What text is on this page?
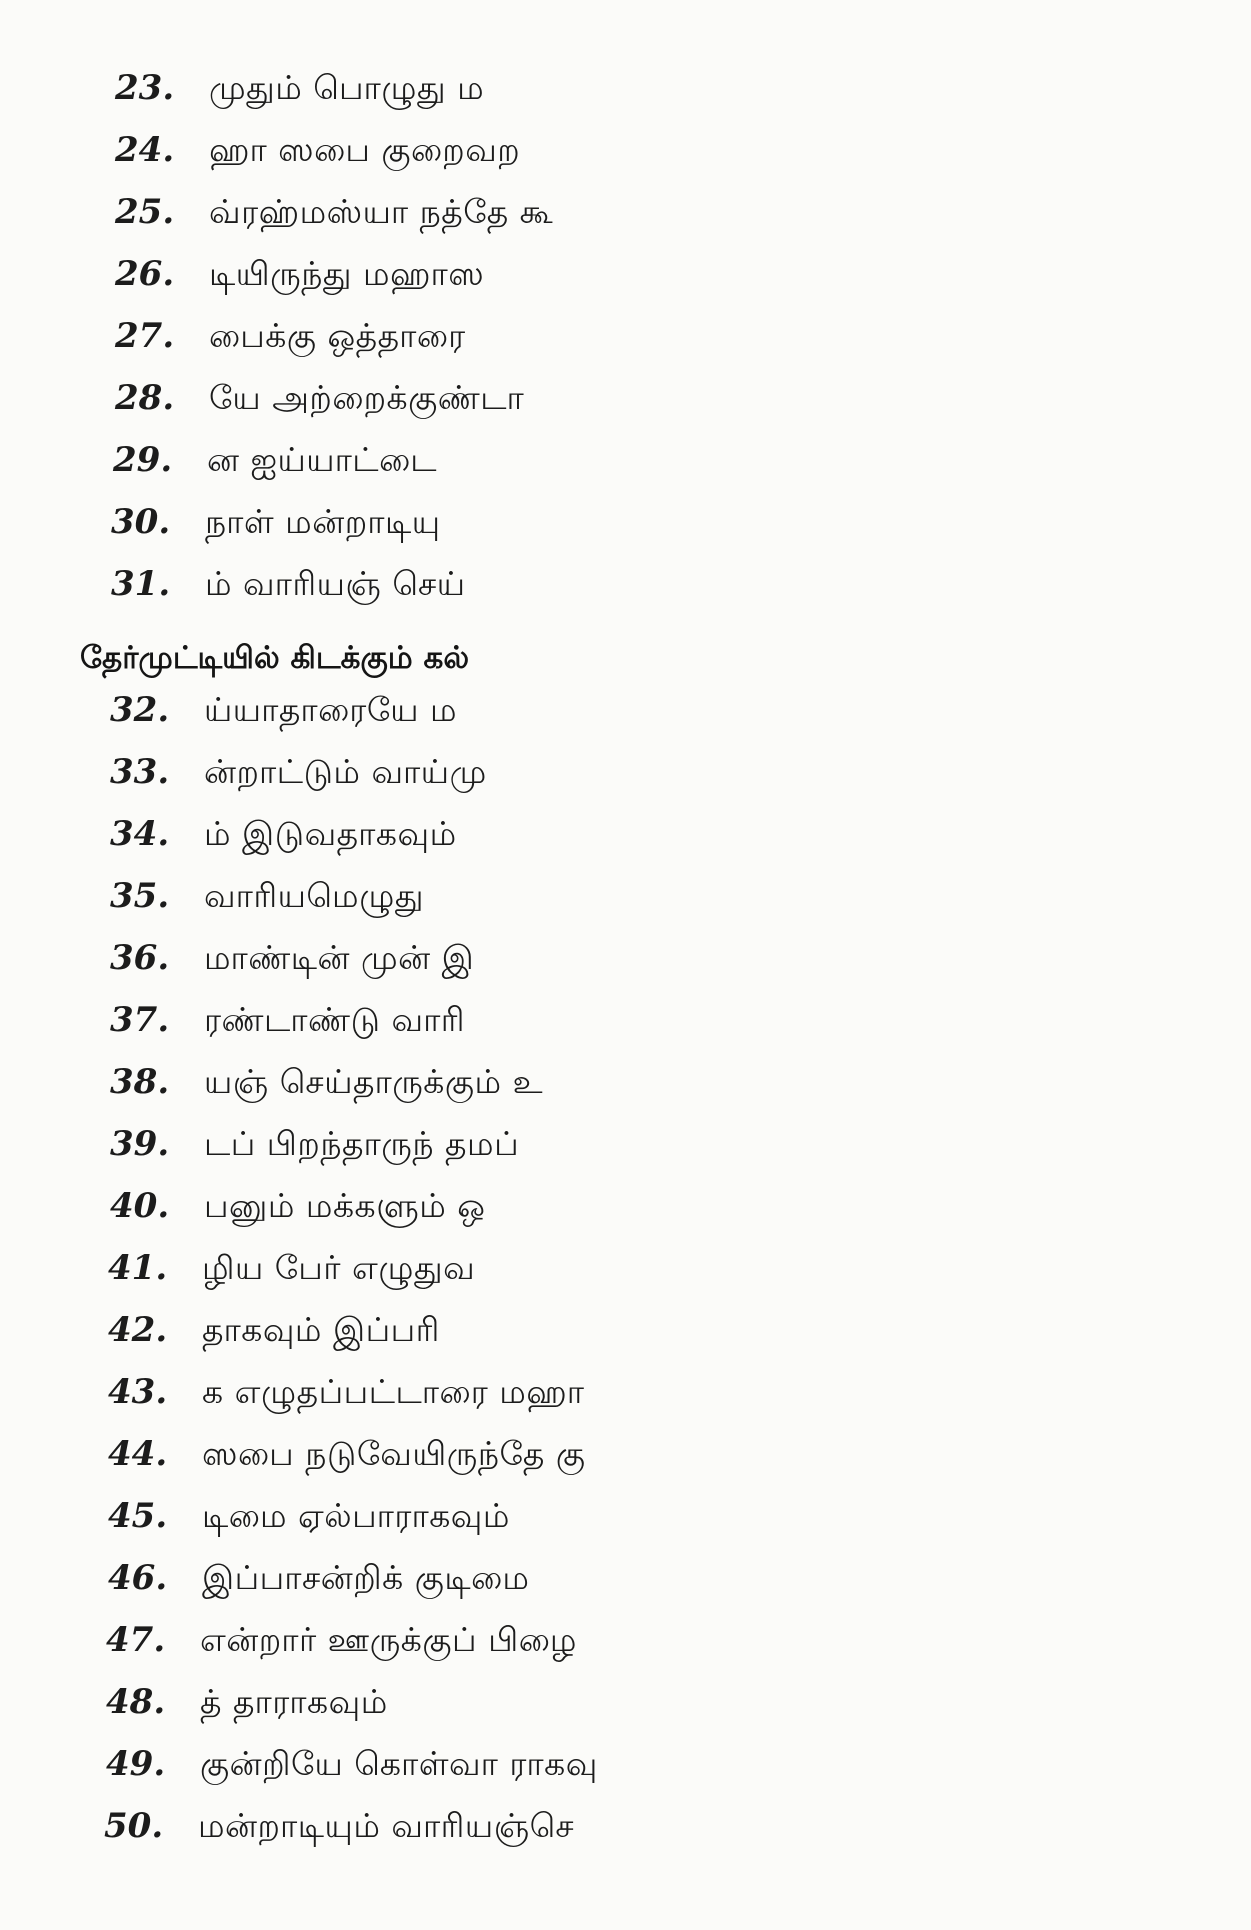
23.	முதும் பொழுது ம
24.	ஹா ஸபை குறைவற
25.	வ்ரஹ்மஸ்யா நத்தே கூ
26.	டியிருந்து மஹாஸ
27.	பைக்கு ஒத்தாரை
28.	யே அற்றைக்குண்டா
29.	ன ஐய்யாட்டை
30.	நாள் மன்றாடியு
31.	ம் வாரியஞ் செய்
தேர்முட்டியில் கிடக்கும் கல்
32.	ய்யாதாரையே ம
33.	ன்றாட்டும் வாய்மு
34.	ம் இடுவதாகவும்
35.	வாரியமெழுது
36.	மாண்டின் முன் இ
37.	ரண்டாண்டு வாரி
38.	யஞ் செய்தாருக்கும் உ
39.	டப் பிறந்தாருந் தமப்
40.	பனும் மக்களும் ஒ
41.	ழிய பேர் எழுதுவ
42.	தாகவும் இப்பரி
43.	க எழுதப்பட்டாரை மஹா
44.	ஸபை நடுவேயிருந்தே கு
45.	டிமை ஏல்பாராகவும்
46.	இப்பாசன்றிக் குடிமை
47.	என்றார் ஊருக்குப் பிழை
48.	த் தாராகவும்
49.	குன்றியே கொள்வா ராகவு
50.	மன்றாடியும் வாரியஞ்செ
